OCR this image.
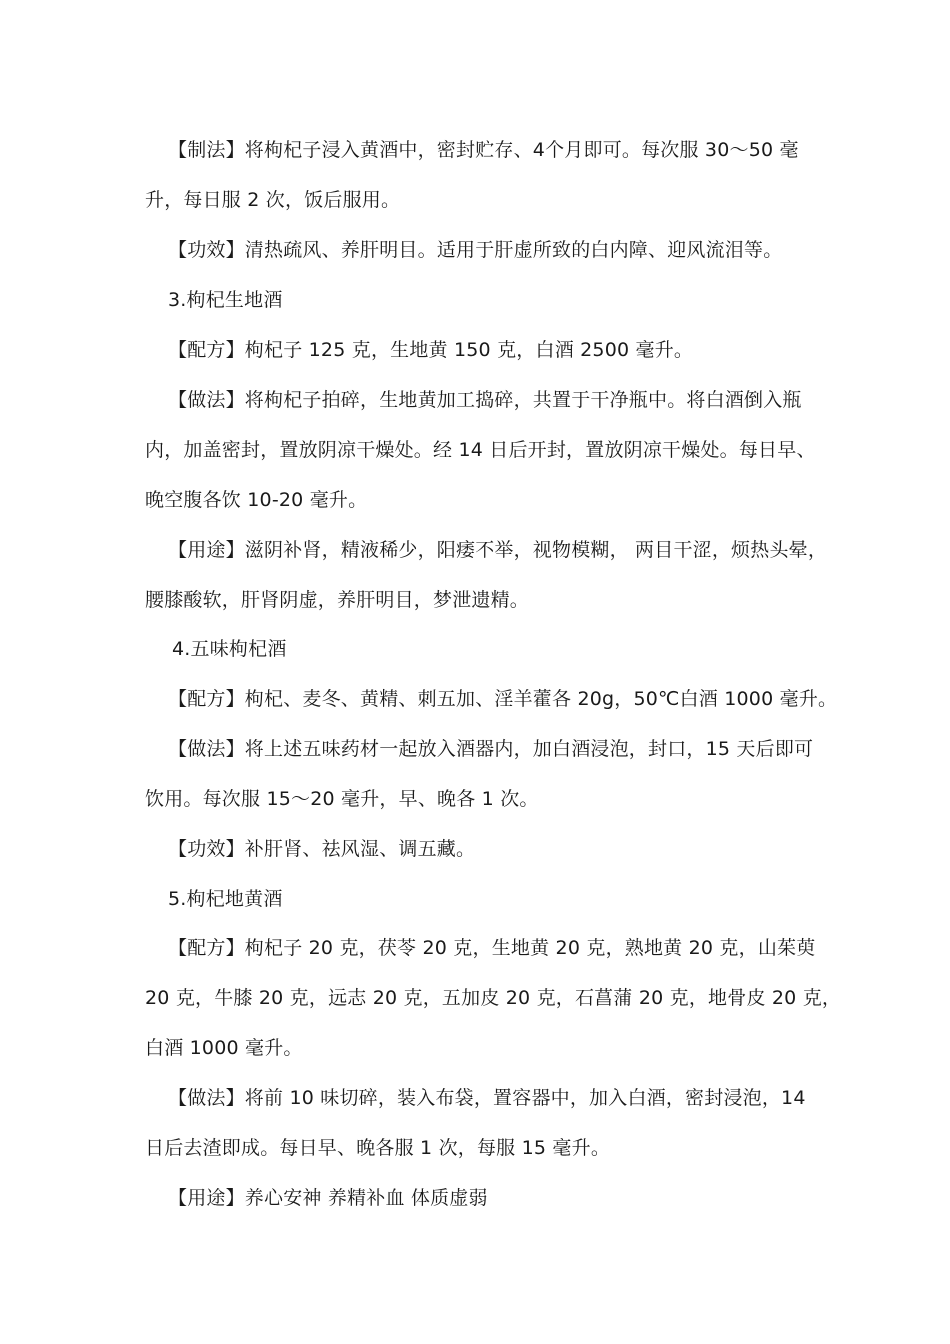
【制法】将枸杞子浸入黄酒中，密封贮存、4个月即可。每次服 30～50 毫
升，每日服 2 次，饭后服用。
【功效】清热疏风、养肝明目。适用于肝虚所致的白内障、迎风流泪等。
3.枸杞生地酒
【配方】枸杞子 125 克，生地黄 150 克，白酒 2500 毫升。
【做法】将枸杞子拍碎，生地黄加工捣碎，共置于干净瓶中。将白酒倒入瓶
内，加盖密封，置放阴凉干燥处。经 14 日后开封，置放阴凉干燥处。每日早、
晚空腹各饮 10-20 毫升。
【用途】滋阴补肾，精液稀少，阳痿不举，视物模糊， 两目干涩，烦热头晕，
腰膝酸软，肝肾阴虚，养肝明目，梦泄遗精。
4.五味枸杞酒
【配方】枸杞、麦冬、黄精、刺五加、淫羊藿各 20g，50℃白酒 1000 毫升。
【做法】将上述五味药材一起放入酒器内，加白酒浸泡，封口，15 天后即可
饮用。每次服 15～20 毫升，早、晚各 1 次。
【功效】补肝肾、祛风湿、调五藏。
5.枸杞地黄酒
【配方】枸杞子 20 克，茯苓 20 克，生地黄 20 克，熟地黄 20 克，山茱萸
20 克，牛膝 20 克，远志 20 克，五加皮 20 克，石菖蒲 20 克，地骨皮 20 克，
白酒 1000 毫升。
【做法】将前 10 味切碎，装入布袋，置容器中，加入白酒，密封浸泡，14
日后去渣即成。每日早、晚各服 1 次，每服 15 毫升。
【用途】养心安神 养精补血 体质虚弱
